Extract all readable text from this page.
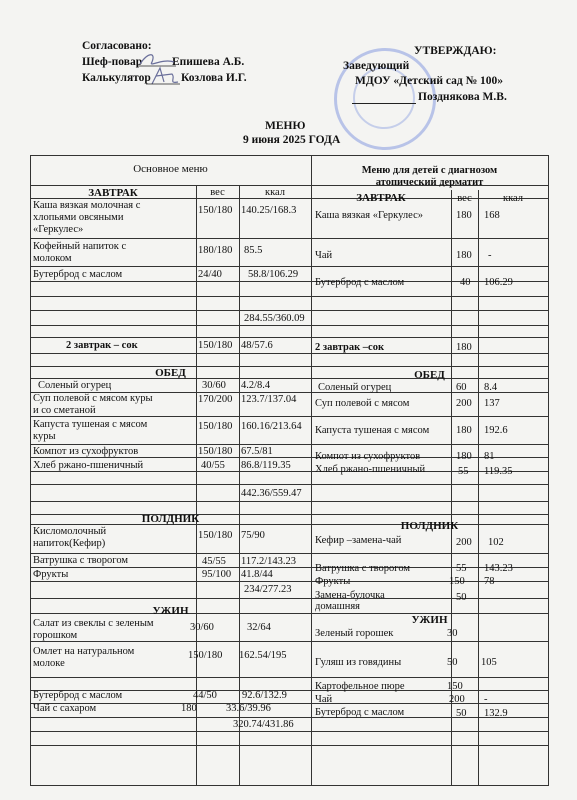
Согласовано:
Шеф-повар	Епишева А.Б.
Калькулятор	Козлова И.Г.
УТВЕРЖДАЮ:
Заведующий
МДОУ «Детский сад № 100»
Позднякова М.В.
МЕНЮ
9 июня 2025 ГОДА
Основное меню	Меню для детей с диагнозом
атопический дерматит
ЗАВТРАК	вес	ккал	ЗАВТРАК	вес	ккал
Каша вязкая молочная с
хлопьями овсяными
«Геркулес»
150/180 140.25/168.3
Кофейный напиток с
молоком
180/180 85.5
Бутерброд с маслом	24/40 58.8/106.29
284.55/360.09
2 завтрак – сок	150/180 48/57.6
Каша вязкая «Геркулес»	180 168
Чай	180 -
Бутерброд с маслом	40 106.29
2 завтрак –сок	180
ОБЕД	ОБЕД
Соленый огурец	30/60 4.2/8.4
Суп полевой с мясом куры
и со сметаной
170/200 123.7/137.04
Капуста тушеная с мясом
куры
150/180 160.16/213.64
Компот из сухофруктов	150/180 67.5/81
Хлеб ржано-пшеничный	40/55 86.8/119.35
442.36/559.47
Соленый огурец	60 8.4
Суп полевой с мясом	200 137
Капуста тушеная с мясом	180 192.6
Компот из сухофруктов	180 81
Хлеб ржано-пшеничный	55 119.35
ПОЛДНИК
ПОЛДНИК
Кисломолочный
напиток(Кефир)
150/180 75/90
Ватрушка с творогом	45/55 117.2/143.23
Фрукты	95/100 41.8/44
234/277.23
Кефир –замена-чай	200 102
Ватрушка с творогом	55 143.23
Фрукты	150 78
Замена-булочка
домашняя
50
УЖИН
УЖИН
Салат из свеклы с зеленым
горошком
30/60	32/64
Омлет на натуральном
молоке
150/180 162.54/195
Бутерброд с маслом	44/50 92.6/132.9
Чай с сахаром	180	33.6/39.96
320.74/431.86
Зеленый горошек	30
Гуляш из говядины	50 105
Картофельное пюре	150
Чай	200 -
Бутерброд с маслом	50 132.9
